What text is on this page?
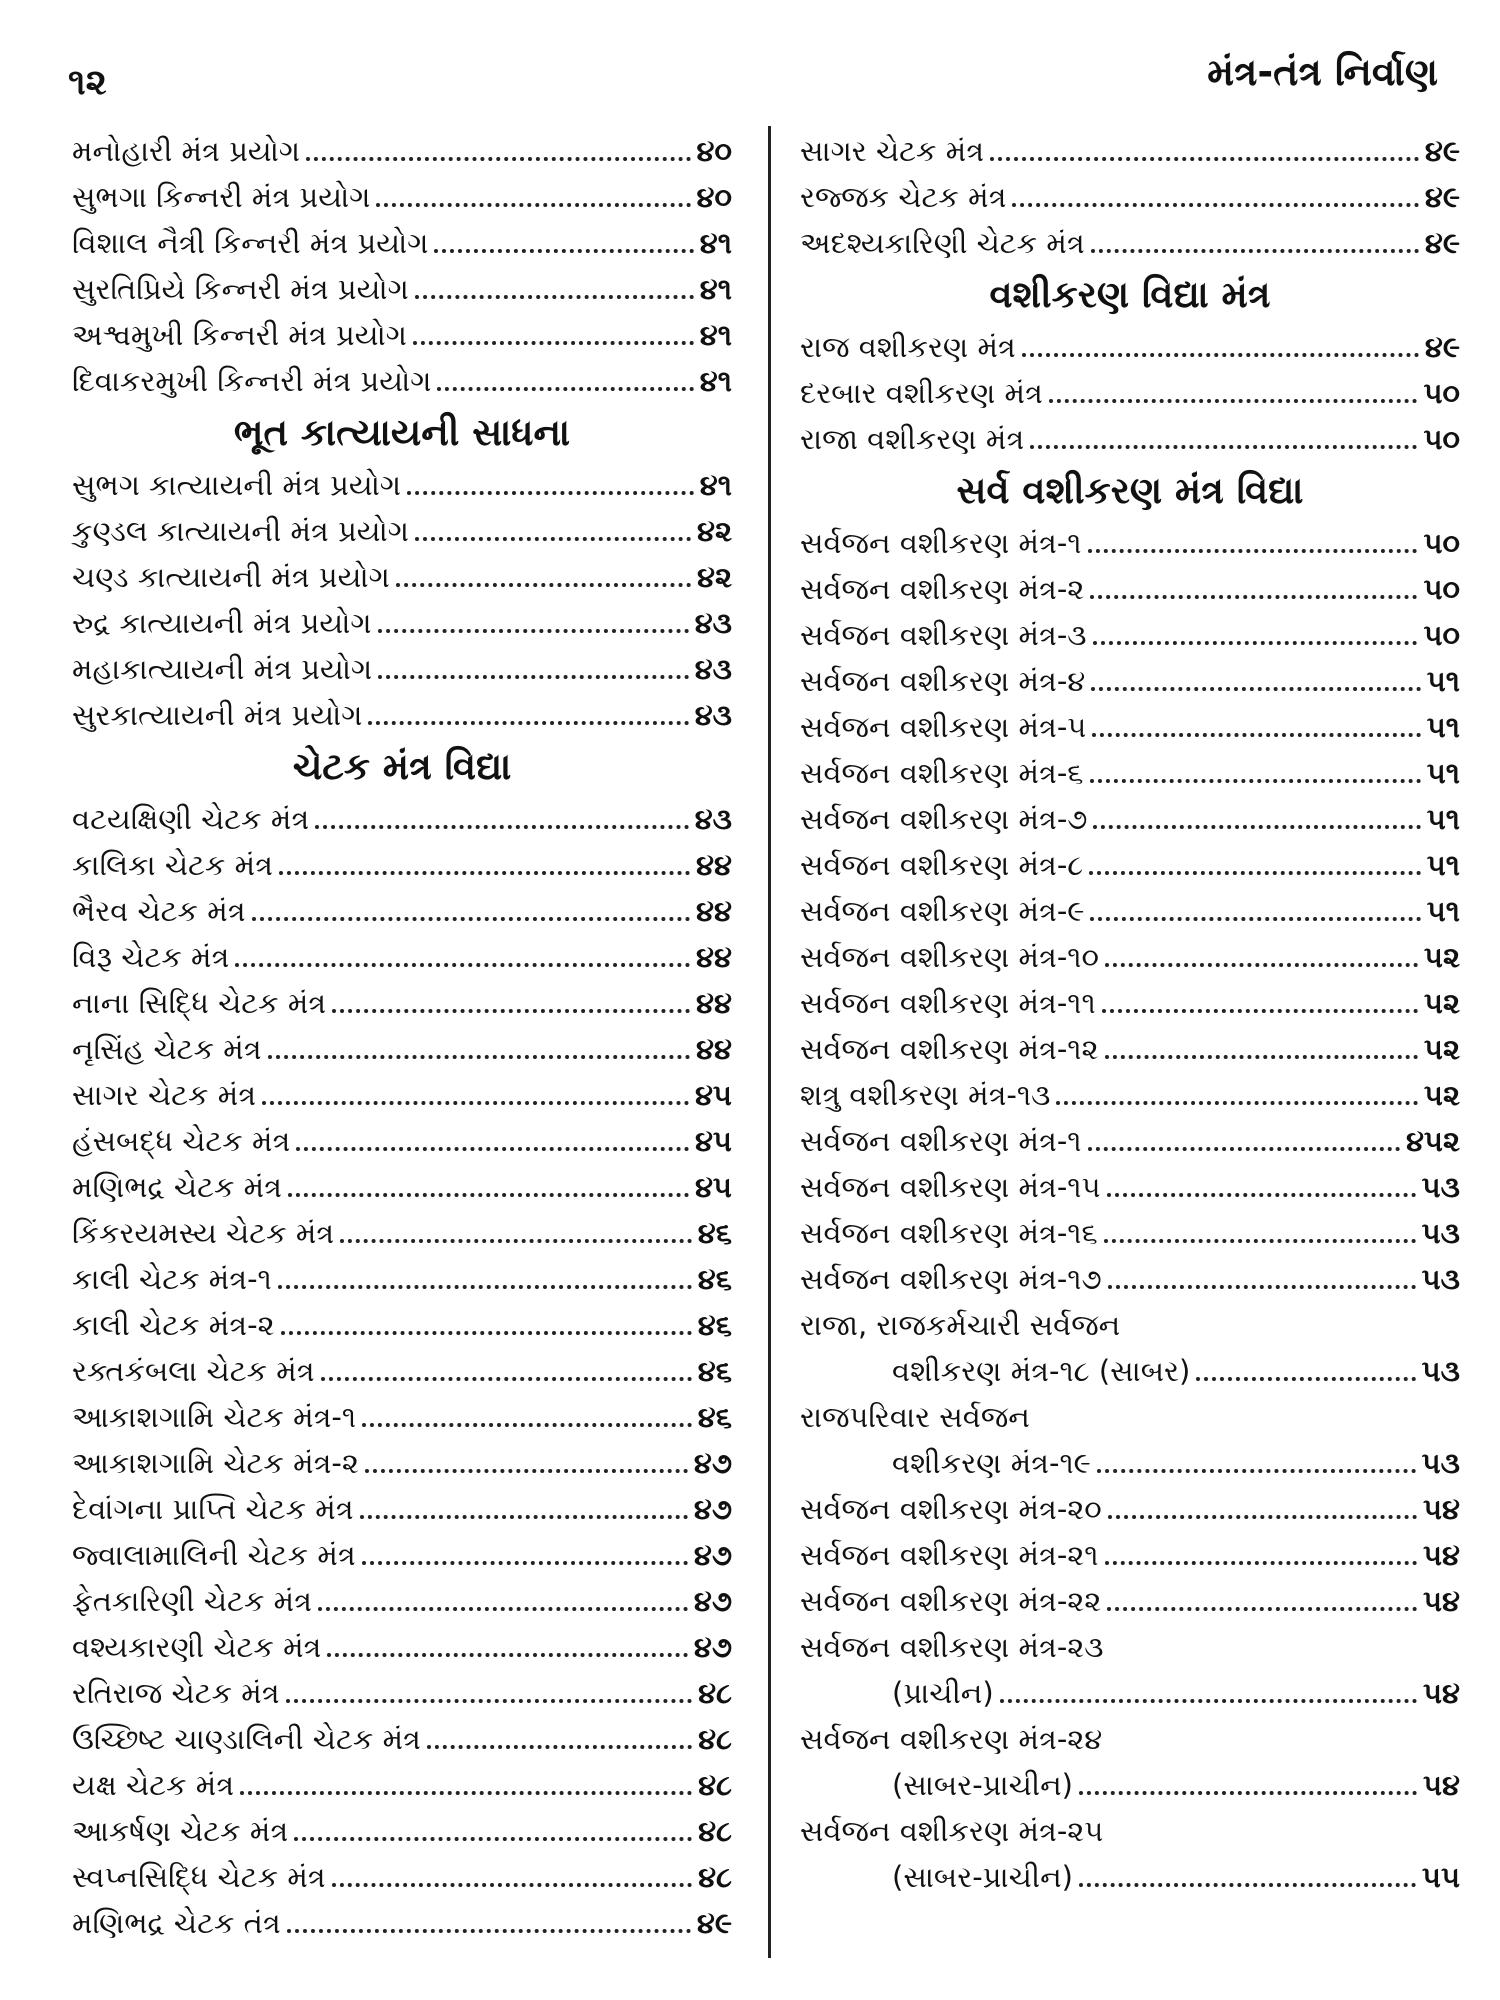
૧૨	મંત્ર-તંત્ર નિર્વાણ
મનોહારી મંત્ર પ્રયોગ	૪૦
સુભગા કિન્નરી મંત્ર પ્રયોગ	૪૦
વિશાલ નૈત્રી કિન્નરી મંત્ર પ્રયોગ	૪૧
સુરતિપ્રિયે કિન્નરી મંત્ર પ્રયોગ	૪૧
અશ્વમુખી કિન્નરી મંત્ર પ્રયોગ	૪૧
દિવાકરમુખી કિન્નરી મંત્ર પ્રયોગ	૪૧
ભૂત કાત્યાયની સાધના
સુભગ કાત્યાયની મંત્ર પ્રયોગ	૪૧
કુણ્ડલ કાત્યાયની મંત્ર પ્રયોગ	૪૨
ચણ્ડ કાત્યાયની મંત્ર પ્રયોગ	૪૨
રુદ્ર કાત્યાયની મંત્ર પ્રયોગ	૪૩
મહાકાત્યાયની મંત્ર પ્રયોગ	૪૩
સુરકાત્યાયની મંત્ર પ્રયોગ	૪૩
ચેટક મંત્ર વિદ્યા
વટયક્ષિણી ચેટક મંત્ર	૪૩
કાલિકા ચેટક મંત્ર	૪૪
ભૈરવ ચેટક મંત્ર	૪૪
વિરૂ ચેટક મંત્ર	૪૪
નાના સિદ્ધિ ચેટક મંત્ર	૪૪
નૃસિંહ ચેટક મંત્ર	૪૪
સાગર ચેટક મંત્ર	૪૫
હંસબદ્ધ ચેટક મંત્ર	૪૫
મણિભદ્ર ચેટક મંત્ર	૪૫
કિંકરયમસ્ય ચેટક મંત્ર	૪૬
કાલી ચેટક મંત્ર-૧	૪૬
કાલી ચેટક મંત્ર-૨	૪૬
રક્તકંબલા ચેટક મંત્ર	૪૬
આકાશગામિ ચેટક મંત્ર-૧	૪૬
આકાશગામિ ચેટક મંત્ર-૨	૪૭
દેવાંગના પ્રાપ્તિ ચેટક મંત્ર	૪૭
જ્વાલામાલિની ચેટક મંત્ર	૪૭
ફેતકારિણી ચેટક મંત્ર	૪૭
વશ્યકારણી ચેટક મંત્ર	૪૭
રતિરાજ ચેટક મંત્ર	૪૮
ઉચ્છિષ્ટ ચાણ્ડાલિની ચેટક મંત્ર	૪૮
યક્ષ ચેટક મંત્ર	૪૮
આકર્ષણ ચેટક મંત્ર	૪૮
સ્વપ્નસિદ્ધિ ચેટક મંત્ર	૪૮
મણિભદ્ર ચેટક તંત્ર	૪૯
સાગર ચેટક મંત્ર	૪૯
રજ્જક ચેટક મંત્ર	૪૯
અદશ્યકારિણી ચેટક મંત્ર	૪૯
વશીકરણ વિદ્યા મંત્ર
રાજ વશીકરણ મંત્ર	૪૯
દરબાર વશીકરણ મંત્ર	૫૦
રાજા વશીકરણ મંત્ર	૫૦
સર્વ વશીકરણ મંત્ર વિદ્યા
સર્વજન વશીકરણ મંત્ર-૧	૫૦
સર્વજન વશીકરણ મંત્ર-૨	૫૦
સર્વજન વશીકરણ મંત્ર-૩	૫૦
સર્વજન વશીકરણ મંત્ર-૪	૫૧
સર્વજન વશીકરણ મંત્ર-૫	૫૧
સર્વજન વશીકરણ મંત્ર-૬	૫૧
સર્વજન વશીકરણ મંત્ર-૭	૫૧
સર્વજન વશીકરણ મંત્ર-૮	૫૧
સર્વજન વશીકરણ મંત્ર-૯	૫૧
સર્વજન વશીકરણ મંત્ર-૧૦	૫૨
સર્વજન વશીકરણ મંત્ર-૧૧	૫૨
સર્વજન વશીકરણ મંત્ર-૧૨	૫૨
શત્રુ વશીકરણ મંત્ર-૧૩	૫૨
સર્વજન વશીકરણ મંત્ર-૧	૪૫૨
સર્વજન વશીકરણ મંત્ર-૧૫	૫૩
સર્વજન વશીકરણ મંત્ર-૧૬	૫૩
સર્વજન વશીકરણ મંત્ર-૧૭	૫૩
રાજા, રાજકર્મચારી સર્વજન
વશીકરણ મંત્ર-૧૮ (સાબર)	૫૩
રાજપરિવાર સર્વજન
વશીકરણ મંત્ર-૧૯	૫૩
સર્વજન વશીકરણ મંત્ર-૨૦	૫૪
સર્વજન વશીકરણ મંત્ર-૨૧	૫૪
સર્વજન વશીકરણ મંત્ર-૨૨	૫૪
સર્વજન વશીકરણ મંત્ર-૨૩
(પ્રાચીન)	૫૪
સર્વજન વશીકરણ મંત્ર-૨૪
(સાબર-પ્રાચીન)	૫૪
સર્વજન વશીકરણ મંત્ર-૨૫
(સાબર-પ્રાચીન)	૫૫
